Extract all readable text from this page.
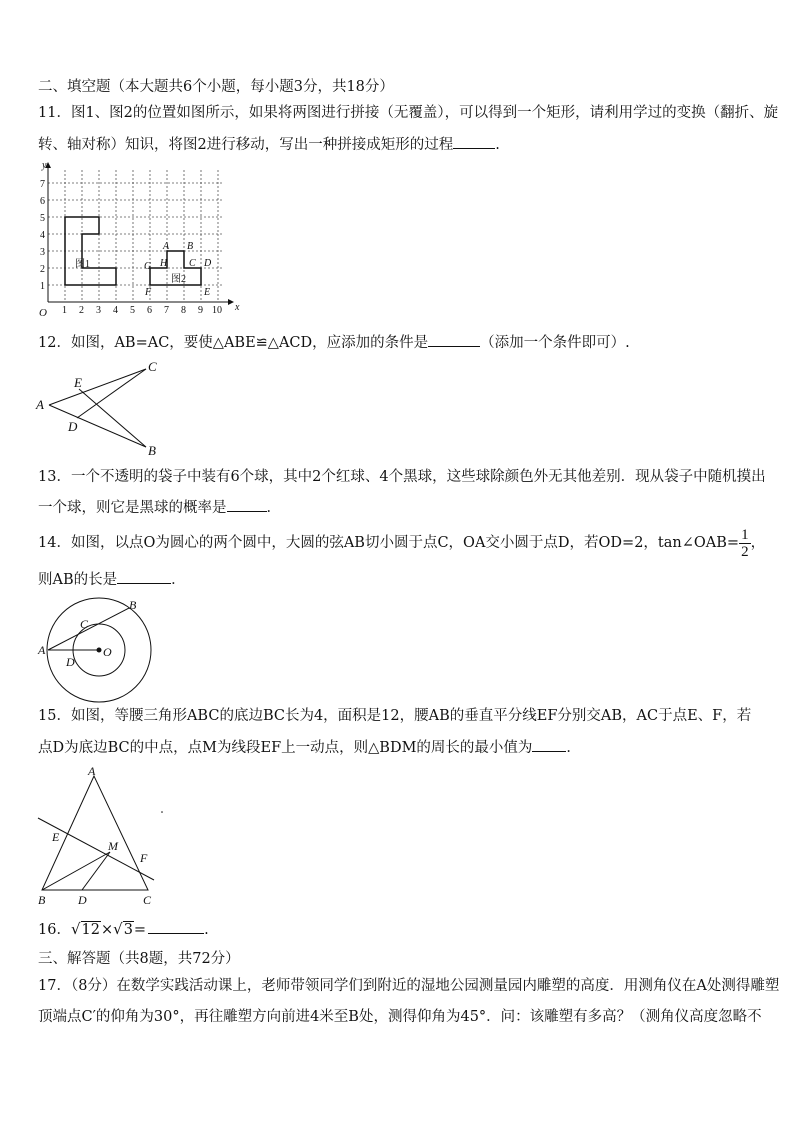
二、填空题（本大题共6个小题，每小题3分，共18分）
11．图1、图2的位置如图所示，如果将两图进行拼接（无覆盖），可以得到一个矩形，请利用学过的变换（翻折、旋
转、轴对称）知识，将图2进行移动，写出一种拼接成矩形的过程	.
y
x
O 1 2 3 4 5 6 7 8 9 10
1
2
3
4
5
6
7
图1
图2
A B
C D
E
F
G H
12．如图，AB=AC，要使△ABE≌△ACD，应添加的条件是	（添加一个条件即可）.
A
B
C
D
E
13．一个不透明的袋子中装有6个球，其中2个红球、4个黑球，这些球除颜色外无其他差别．现从袋子中随机摸出
一个球，则它是黑球的概率是	．
14．如图，以点O为圆心的两个圆中，大圆的弦AB切小圆于点C，OA交小圆于点D，若OD=2，tan∠OAB= $\frac{1}{2}$ ，
则AB的长是	．
A
B
C
D
O
15．如图，等腰三角形ABC的底边BC长为4，面积是12，腰AB的垂直平分线EF分别交AB，AC于点E、F，若
点D为底边BC的中点，点M为线段EF上一动点，则△BDM的周长的最小值为 ．
A
B	C
D
E
F
M
16．√12×√3=	.
三、解答题（共8题，共72分）
17．（8分）在数学实践活动课上，老师带领同学们到附近的湿地公园测量园内雕塑的高度．用测角仪在A处测得雕塑
顶端点C′的仰角为30°，再往雕塑方向前进4米至B处，测得仰角为45°．问：该雕塑有多高？（测角仪高度忽略不
